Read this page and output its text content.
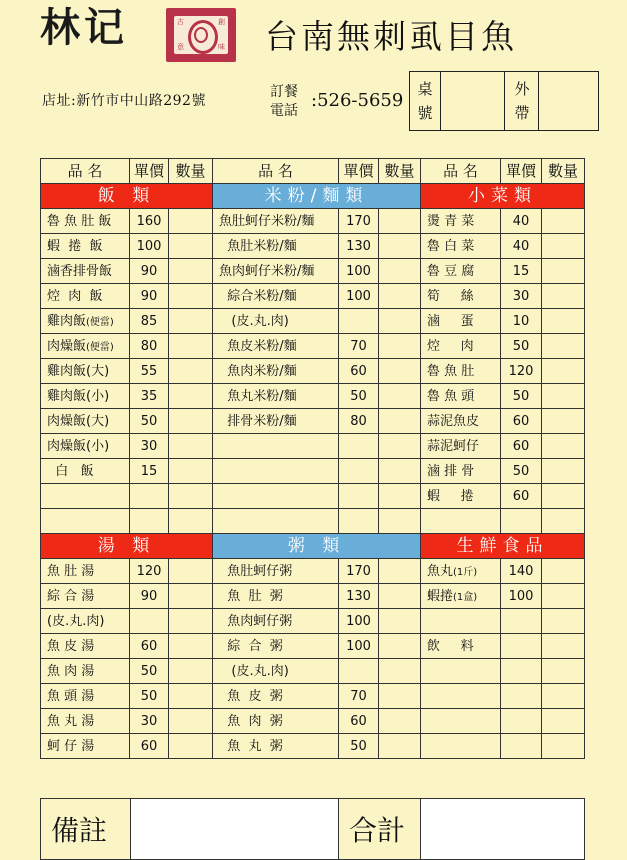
林记	古	創
意	味 台南無刺虱目魚
店址:新竹市中山路292號
訂餐
電話 :526-5659
桌
號
外
帶
品 名	單價	數量	品 名	單價	數量	品 名	單價	數量
飯 類			米粉/麵類			小菜類		
魯 魚 肚 飯	160		魚肚蚵仔米粉/麵	170		燙 青 菜	40	
蝦  捲  飯	100		魚肚米粉/麵	130		魯 白 菜	40	
滷香排骨飯	90		魚肉蚵仔米粉/麵	100		魯 豆 腐	15	
焢  肉  飯	90		綜合米粉/麵	100		筍     絲	30	
雞肉飯(便當)	85		(皮.丸.肉)			滷     蛋	10	
肉燥飯(便當)	80		魚皮米粉/麵	70		焢     肉	50	
雞肉飯(大)	55		魚肉米粉/麵	60		魯 魚 肚	120	
雞肉飯(小)	35		魚丸米粉/麵	50		魯 魚 頭	50	
肉燥飯(大)	50		排骨米粉/麵	80		蒜泥魚皮	60	
肉燥飯(小)	30					蒜泥蚵仔	60	
白   飯	15					滷 排 骨	50	
						蝦     捲	60	

湯 類			粥 類			生鮮食品		
魚 肚 湯	120		魚肚蚵仔粥	170		魚丸(1斤)	140	
綜 合 湯	90		魚  肚  粥	130		蝦捲(1盒)	100	
(皮.丸.肉)			魚肉蚵仔粥	100				
魚 皮 湯	60		綜  合  粥	100		飲     料		
魚 肉 湯	50		(皮.丸.肉)					
魚 頭 湯	50		魚  皮  粥	70				
魚 丸 湯	30		魚  肉  粥	60				
蚵 仔 湯	60		魚  丸  粥	50				
備註		合計	
